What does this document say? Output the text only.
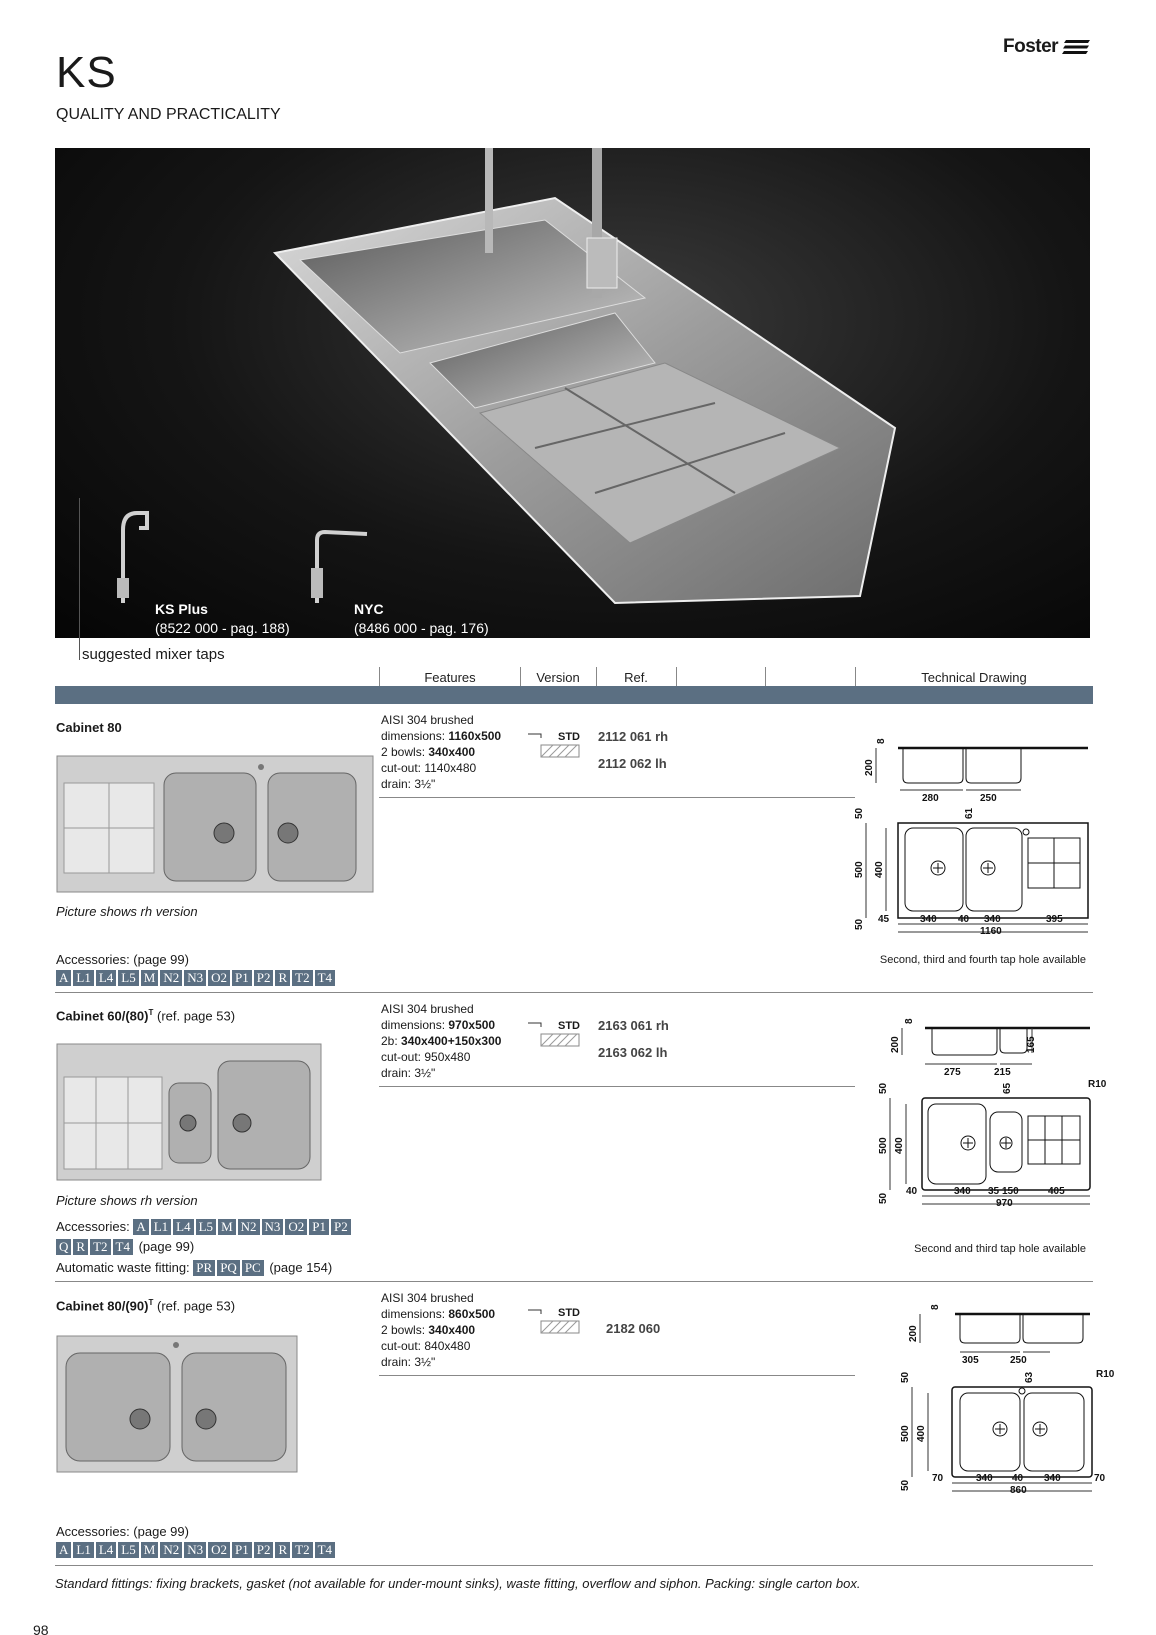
KS
QUALITY AND PRACTICALITY
Foster
KS Plus
(8522 000 - pag. 188)
NYC
(8486 000 - pag. 176)
suggested mixer taps
Features	Version	Ref.	Technical Drawing
Cabinet 80
Picture shows rh version
AISI 304 brushed
dimensions: 1160x500
2 bowls: 340x400
cut-out: 1140x480
drain: 3½"
STD 2112 061 rh
2112 062 lh
8
200
280	250
50	61
500 400
50 45	340 40 340	395
1160
Accessories: (page 99)
A L1 L4 L5 M N2 N3 O2 P1 P2 R T2 T4
Second, third and fourth tap hole available
Cabinet $60/(80)^T$ (ref. page 53)
Picture shows rh version
AISI 304 brushed
dimensions: 970x500
2b: 340x400+150x300
cut-out: 950x480
drain: 3½"
STD 2163 061 rh
2163 062 lh
8
200	165
275	215
R10
50	65
500 400
50
40	340 35 150	405
970
Accessories: A L1 L4 L5 M N2 N3 O2 P1 P2
Q R T2 T4 (page 99)
Automatic waste fitting: PR PQ PC (page 154)
Second and third tap hole available
Cabinet $80/(90)^T$ (ref. page 53)
AISI 304 brushed
dimensions: 860x500
2 bowls: 340x400
cut-out: 840x480
drain: 3½"
STD
2182 060
8
200
305	250
R10
50	63
500 400
50
70	340 40 340	70
860
Accessories: (page 99)
A L1 L4 L5 M N2 N3 O2 P1 P2 R T2 T4
Standard fittings: fixing brackets, gasket (not available for under-mount sinks), waste fitting, overflow and siphon. Packing: single carton box.
98
